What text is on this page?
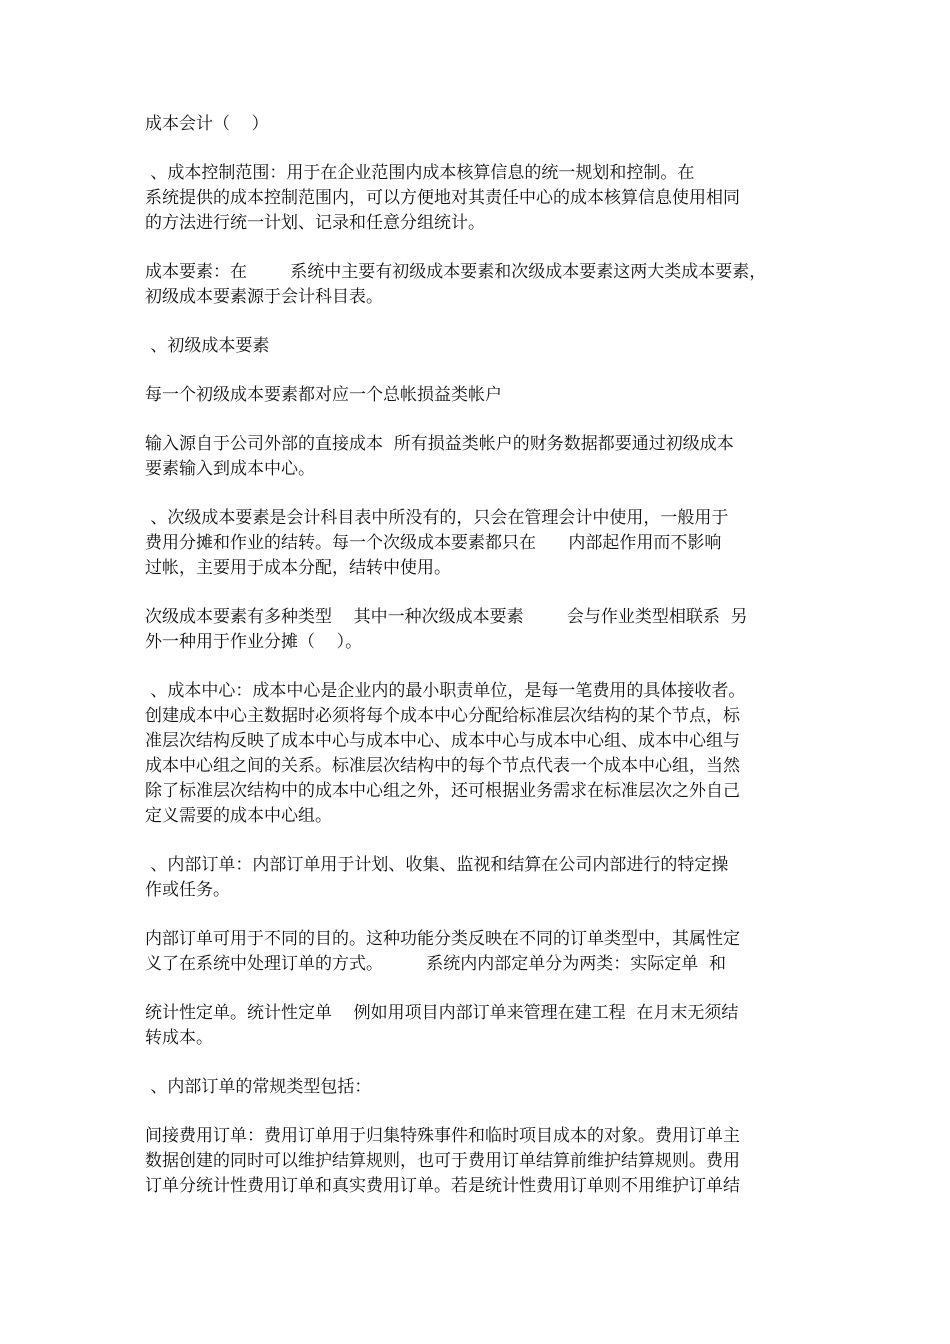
成本会计（    ）

、成本控制范围：用于在企业范围内成本核算信息的统一规划和控制。在
系统提供的成本控制范围内，可以方便地对其责任中心的成本核算信息使用相同
的方法进行统一计划、记录和任意分组统计。

成本要素：在        系统中主要有初级成本要素和次级成本要素这两大类成本要素，
初级成本要素源于会计科目表。

、初级成本要素

每一个初级成本要素都对应一个总帐损益类帐户

输入源自于公司外部的直接成本  所有损益类帐户的财务数据都要通过初级成本
要素输入到成本中心。

、次级成本要素是会计科目表中所没有的，只会在管理会计中使用，一般用于
费用分摊和作业的结转。每一个次级成本要素都只在      内部起作用而不影响
过帐，主要用于成本分配，结转中使用。

次级成本要素有多种类型    其中一种次级成本要素        会与作业类型相联系  另
外一种用于作业分摊（    ）。

、成本中心：成本中心是企业内的最小职责单位，是每一笔费用的具体接收者。
创建成本中心主数据时必须将每个成本中心分配给标准层次结构的某个节点，标
准层次结构反映了成本中心与成本中心、成本中心与成本中心组、成本中心组与
成本中心组之间的关系。标准层次结构中的每个节点代表一个成本中心组，当然
除了标准层次结构中的成本中心组之外，还可根据业务需求在标准层次之外自己
定义需要的成本中心组。

、内部订单：内部订单用于计划、收集、监视和结算在公司内部进行的特定操
作或任务。

内部订单可用于不同的目的。这种功能分类反映在不同的订单类型中，其属性定
义了在系统中处理订单的方式。        系统内内部定单分为两类：实际定单  和

统计性定单。统计性定单    例如用项目内部订单来管理在建工程  在月末无须结
转成本。

、内部订单的常规类型包括：

间接费用订单：费用订单用于归集特殊事件和临时项目成本的对象。费用订单主
数据创建的同时可以维护结算规则，也可于费用订单结算前维护结算规则。费用
订单分统计性费用订单和真实费用订单。若是统计性费用订单则不用维护订单结
